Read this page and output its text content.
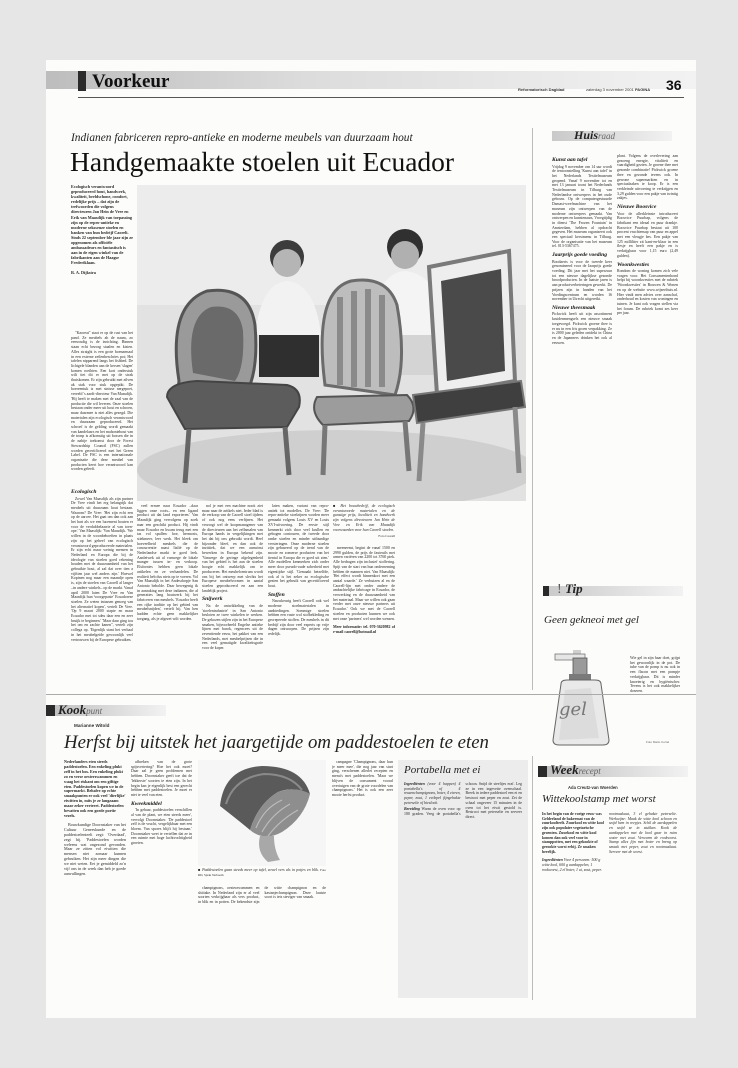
Voorkeur	Reformatorisch Dagblad	zaterdag 3 november 2001 PAGINA 36
Indianen fabriceren repro-antieke en moderne meubels van duurzaam hout
Handgemaakte stoelen uit Ecuador

Ecologisch verantwoord geproduceerd hout, handwerk, kwaliteit, beeldschone, comfort, redelijke prijs – dat zijn de trefwoorden die volgens directeuren Jan Hein de Vree en Erik van Maasdijk van toepassing zijn op de repro-antieke en moderne seksseuze stoelen en banken van hun bedrijf Caoreli. Sinds 22 september ble jaar zijn ze opgenomen als officiële ambassadeurs en fantastisch is aan in de eigen winkel van de fabrikanten aan de Haagse Frederiklaan.

R. A. Dijkstra

"Kaoreat" staat er op de rust van het pand. Ze meubels ah de naam, zo eenvoudig is de inrichting. Binnen staan echt bezorg staalen en kisten. Alles straight is een grote boenarmaal in een externe zeilenbeschries pot; Het tafelen nipparend langs het fishbed. De lichtgele blanden aan de kersen 'slagen' komen roeihten. Een kort onderstuk wilt tiet dit er met op de strak thuiskomen. Er zijn gebruikt met zilven ak stak voor stuk opgepikt. De boereentuk is met stnisse nergepoet, vereeld 's aardt-directeur Van Maasdijk. 'Hij heeft te maken met de zaal van de productie die wil leveren. Onze stoelen bestaan onder meer uit hout en schroen, maar daarmee is niet alles gezegd. Die materialen zijn ecologisch verantwoord en duurzaam geproduceerd. Het schroef is de gelding wordt gemaakt van kandelaars en het mahoniehout van de tronp is afkomstig uit bossen die in de nabije toekomst door de Forest Stewardship Council (FSC) zullen worden gecertificeerd met het Green Label. De FSC is een internationale organisatie die deze meubel van producten keert hoe verantwoord kan worden geleeft.

Ecologisch

Zowel Van Maasdijk als zijn partner De Vree vindt het erg belangrijk dat meubels uit duurzaam hout bestaan. Waarom? De Vree: 'Het zijn echt een op de aarcee. Het gaat om dan ook aan het hart als we een lucement houten er voor de verdubbelaarrie al van toen-ope.' Van Maasdijk: 'Van Maasdijk. 'We willen in de woonbehoeften in plaats zijn op het geheel van ecologisch verantwoord geproduceerde materialen. Er zijn echt maar weinig mensen in Nederland en Europa die bij de ideologie van stoelen goed rekening houden met de duurzaamheid van het gebruikte hout, al zal dat over tien a vijftien jaar wel anders zijn.' Hoewel Kopinen nog maar een maandje open is, zijn de stoelen van Caorell al langer –in andere winkels– op de markt. Vanaf april 2000 laten De Vree en Van Maasdijk hun 'voorgepaste' Ecuadorese stoelen. Ze weten intussen genoeg van het alternatief kopen', vertelt De Vree. 'Op 9 maart 2000 stapte en maar Ecuador met tot sdeu daar een en zeer bruijk te beginnen.' 'Maar daar ging tou het om en zachte kanen", vertelt zijn collega op. 'Eigenlijk stant het verhaal in het meubelgeïde gewoonlijk veel vertrouwen bij de Europese gebruiken.

veel ermee naar Ecuador –daar liggen onze roots– en een ligand product uit dat land exporteren.' Van Maasdijk ging vervolgens op zoek naar een geschikt product. Hij vindt maar Ecuador en kwam terug met een tas vol spullen: hoe, hermosis, stiekmeer, leer werk. Het bleek om hoeveelheid meubels die de concurrentie naast Italië op de Nederlandse markt te goed leek. Aanleiwek uit al vanwege de lokale manger tussen in- en verkoop. Elsfornies hebben geen lokale artikelen en ze verhandelen. De realiteit heb dus niets op te voeren. Vol Van Maasdijk in het Andesdorpje San Antonio beholde. Daar bewegenig ik in aanraking met deze indianen, die al generaties lang houtwerk bij het fabriceren van meubels. 'Ecuador heeft een rijke traditie op het gebied van meubelsnijden', vertelt hij. Van hen hadden echte geen makkelijker toegang, als je afgezet wilt worden.

nol je met een machine nooit ziet maar naar de artikels niet. Ieder blad is de verkoop van de Caorell stoel tijdens of ook nog eens verfijnen. Het verzorgt wel de koopmanagener van de directeuren aan het zelfsmalen van Europa hands in vergelijkingen met het dat bij ons gebruikt wordt. Heel bijzonder bleef, en dan ook de inzittiek, dat we een aanwinst bewerken in Europa bekend zijn. 'Vanwege de geringe afgelegenheid van het gebied is het aan de stoelen hoogte echt makkelijk om te produceren. Het meubelcentrum wordt ons bij het ontwerp met slechts het Europese meubelvormen in aantal stoelen geproduceerd en aan een landelijk project.

Snijwerk

Na de ontwikkeling van de 'stoelenindustrie' in San Antonio besloten ze twee winkelen te werken. De gekozen stijlen zijn in het Europese smaken, bijvoorbeeld Engelse antieke lijnen met barok, regencees uit de zeventiende eeuw, het pakket van een Nederlands, met meubelprijzen die in een veel gematigde kwaliteitsgrafe voor de koper.

laten maken, variant van repro-antiek tot modelles. De Vree: 'De repro-antieke stoelzijnen worden meer gemaakt volgens Louis XV en Louis XVI-uitvoering. De eerste stijl kenmerkt zich door veel krullen en gebogen contouren, de tweede door ranke stoelen en minder uitbundige versieringen. Onze moderne stoelen zijn gebaseerd op de trend van de mooie en zomerse producten van het tiental in Europa die er goed uit zien.' Alle modellen kenmerken zich onder meer door pseudo-oude soberheid met eigentijdse stijl. 'Gemaakt hetzelfde, ook al is het zeker zo ecologische gezien het gebruik van gecertificeerd hout.

Stoffen

Nauwkeurig heeft Caorell ook wel moderne stoelmaterialen in aanbiedingen. Sommige stoelen hebben een vaste wol stofbekleding en gecrepeerde stoffen. De meubels in dit bedrijf zijn door veel experts op vrije dagen ontworpen. De prijzen zijn redelijk.

■ Het bouwbedrijf, de ecologisch verantwoorde materialen en de gunstige prijs, kwaliteit en handwerk zijn volgens directeuren Jan Hein de Vree en Erik van Maasdijk voorwaarden voor hun Caorell stoelen.

Foto Caorell

meeneemt, begint de vanaf 1500 en 2990 gulden, de prijs de fauteuils met armen variëren van 2200 tot 3760 piek. Alle bedragen zijn inclusief stoffering. Spijt van de start van hun onderneming hebben de mannen niet. Van Maasdijk: 'Het effect wordt binnenkort met een aantal waarde.' Ze verhuizen al en de Caorell-lijn met onder andere de ambachtelijke fabricage in Ecuador, de verwerking en de duurzaamheid van het materiaal. Maar we willen ook gaan verder met onze nieuwe partners uit Ecuador.' Ook we met de Caorell stoelen en producten kunnen we ook met onze 'partners' wel worden wensen.

Meer informatie: tel. 070-3620982 of e-mail caorell@hotmail.nl

Huisraad
Kunst aan tafel

Vrijdag 9 november om 14 uur wordt de tentoonstelling 'Kunst aan tafel' in het Nederlands Textielmuseum geopend. Vanaf 9 november tot en met 13 januari toont het Nederlands Textielmuseum in Tilburg van Nederlandse ontwerpers in het oude gebouw. Op de computergestuurde Damast-weefmachine van het museum zijn ontwerpen van de moderne ontwerpers gemaakt. Van ontwerpen en kunstenaars, Vroegtijdig in dienst 'The Frozen Fountain' in Amsterdam, hebben al opdracht gegeven. Het museum organiseert ook een speciaal kerstmenu in Tilburg. Voor de organisatie van het museum tel. 013-5367475.

Jaarprijs goede voeding

Boodaerts is voor de tweede keer genomineerd voor de Jaarprijs goede voeding. Dit jaar met het superzuur tot een nieuwe dagelijkse gezonde broodproducten. In de laatste jaren is aan productverbeteringen gewerkt. De prijzen zijn in handen van het Voedingscentrum en worden 16 november in Utrecht uitgereikt.

Nieuwe theesmaak

Pickwick heeft uit zijn assortiment kruidenmengsels een nieuwe smaak toegevoegd. Pickwick groene thee is er nu in een fris groen verpakking. Ze is 2000 jaar geleden ontdekt in China en de Japanners drinken het ook al eeuwen.

plant. Volgens de overlevering aan gezoeng energie, vitaliteit en vaardigheid gezien. Je groene thee met gezonde combinatie! Pickwick groene thee en gezonde tevens ook. In gewone supermarkten en in speciaalzaken te koop. Er is een verkleinde uitvoering te verkrijgen en 3,29 gulden voor een pakje van twintig zakjes.

Nieuwe Boosvice

Voor de allerkleinste introduceert Boosvice Puurbap, volgens de fabrikant een ideaal en puur drankje. Boosvice Puurbap bestaat uit 100 procent vruchtensap van puur en appel met een vleugje bes. Een pakje van 125 milliliter zit kant-en-klaar in een flesje en heeft een pakje en is verkrijgbaar voor 1,15 euro (2,49 gulden).

Woonkwesties

Rondom de woning komen zich vele vragen voor. Het Consumentenbond helpt bij woonkwesties met de rubriek 'Woonkwesties' in Bouwen & Wonen en op de website www.wijzerthuis.nl. Hier vindt men advies over aanschaf, onderhoud en kosten van woningen en tuinen. Je kunt ook vragen stellen via het forum. De rubriek komt zes keer per jaar.

! Tip
Geen gekneoi met gel
gel

Wie gel in zijn haar doet, grijpt het gewoonlijk in de pot. De tube van de pomp is nu ook in een flacon met een pompje verkrijgbaar. Dit is minder knoeierig en hygiënischer. Tevens is het ook makkelijker doseren.

Foto Mario Cortel
Kookpunt
Marianne Witold
Herfst bij uitstek het jaargetijde om paddestoelen te eten

Nederlanders eten steeds paddestoelen. Een enkeling plukt zelf in het bos. Een enkeling plukt zo en verse oesterzwammen en waag het riskant om een giftige eten. Paddestoelen kopen we in de supermarkt. Behalve op echte smaakpunten er ook veel 'dierlijke' eiwitten in, mits je ze langzaam maar zeker verteert. Paddestoelen bevatten ook een goede portie vezels.

Bouwkundige Doornstaker van het Cultuur Geneeskunde en de paddestoelenteelt zegt: 'Overdaad', zegt hij. 'Paddestoelen worden weleens wat ongezond gevonden. Maar ze zitten vol eiwitten die mensen niet zomaar kunnen gebruiken. Het zijn meer dingen die we niet weten. Eet je gemiddeld zo'n vijf ons in de week dan heb je goede aanvullingen.

afbreken van de grote spijsvertering? Hoe het ook moet? Daar zal je geen problemen met hebben. Doornstaker geeft toe dat de 'lekkerste' soorten te eten zijn. In het begin kan je eigenlijk best een gerecht hebben met paddestoelen. Je moet er niet te veel van eten.

Kweekmiddel

'In gebaar, paddestoelen verschillen al van de plant, we eten steeds meer', vervolgt Doornstaker. 'De paddestoel zelf is de vrucht, vergelijkbaar met een bloem. Van spores blijft hij bestaan.' Doornstaker weet te vertellen dat ze in een ruimte met hoge luchtvochtigheid groeien.

■ Paddestoelen gaan steeds meer op tafel, zowel vers als in potjes en blik. Foto RD, Sjaak Verboom

champignons, oesterzwammen en shiitake. In Nederland zijn er al veel soorten verkrijgbaar als vers product, in blik en in potten. De bekendste zijn de witte champignon en de kastanjechampignon. Deze laatste soort is iets steviger van smaak.

campagne 'Champignons, daar kun je meer mee', die nog jaar van start ging, verschenen allerlei recepten en menu's met paddestoelen. 'Maar we blijven de consument vooral overtuigen van de grote voordelen van champignons.' Het is ook een zeer mooie herfst product.

Portabella met ei

Ingrediënten (voor 4 happen) 4 portabella's of 4 reuzenchampignons, boter, 4 eieren, peper, zout, 1 eetlepel fijngehakte peterselie of bieslook.

Bereiding Warm de oven voor op 180 graden. Veeg de portabella's schoon. Snijd de steeltjes eraf. Leg ze in een ingevette ovenschaal. Breek in iedere paddestoel een ei en bestrooi met peper en zout. Zet de schaal ongeveer 15 minuten in de oven tot het eiwit gestold is. Bestrooi met peterselie en serveer direct.

Weekrecept
Ada Creutz-van Woerden
Wittekoolstamp met worst

In het begin van de vorige eeuw was Gelderland de bakermat van de zuurkoolteelt. Zuurkool en witte kool zijn ook populaire vegetarische groenten. Zuurkool en witte kool komen dan ook veel voor in stamppotten, met een gekookte of gerookte worst erbij. Ze smaken heerlijk.

Ingrediënten Voor 4 personen: 500 g witte kool, 600 g aardappelen, 1 rookworst, 2 el boter, 1 ui, zout, peper.

nootmuskaat, 3 el gehakte peterselie. Werkwijze: Maak de witte kool schoon en snijd hem in reepjes. Schil de aardappelen en snijd ze in stukken. Kook de aardappelen met de kool gaar in ruim water met zout. Verwarm de rookworst. Stamp alles fijn met boter en breng op smaak met peper, zout en nootmuskaat. Serveer met de worst.
